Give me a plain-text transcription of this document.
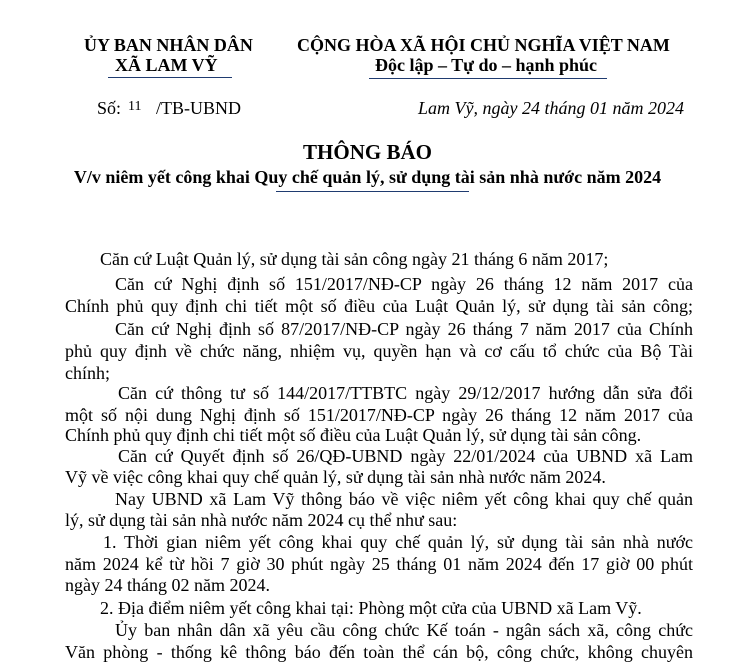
ỦY BAN NHÂN DÂN
XÃ LAM VỸ
CỘNG HÒA XÃ HỘI CHỦ NGHĨA VIỆT NAM
Độc lập – Tự do – hạnh phúc
Số: 11 /TB-UBND	Lam Vỹ, ngày 24 tháng 01 năm 2024
THÔNG BÁO
V/v niêm yết công khai Quy chế quản lý, sử dụng tài sản nhà nước năm 2024
Căn cứ Luật Quản lý, sử dụng tài sản công ngày 21 tháng 6 năm 2017;
Căn cứ Nghị định số 151/2017/NĐ-CP ngày 26 tháng 12 năm 2017 của
Chính phủ quy định chi tiết một số điều của Luật Quản lý, sử dụng tài sản công;
Căn cứ Nghị định số 87/2017/NĐ-CP ngày 26 tháng 7 năm 2017 của Chính
phủ quy định về chức năng, nhiệm vụ, quyền hạn và cơ cấu tổ chức của Bộ Tài
chính;
Căn cứ thông tư số 144/2017/TTBTC ngày 29/12/2017 hướng dẫn sửa đổi
một số nội dung Nghị định số 151/2017/NĐ-CP ngày 26 tháng 12 năm 2017 của
Chính phủ quy định chi tiết một số điều của Luật Quản lý, sử dụng tài sản công.
Căn cứ Quyết định số 26/QĐ-UBND ngày 22/01/2024 của UBND xã Lam
Vỹ về việc công khai quy chế quản lý, sử dụng tài sản nhà nước năm 2024.
Nay UBND xã Lam Vỹ thông báo về việc niêm yết công khai quy chế quản
lý, sử dụng tài sản nhà nước năm 2024 cụ thể như sau:
1. Thời gian niêm yết công khai quy chế quản lý, sử dụng tài sản nhà nước
năm 2024 kể từ hồi 7 giờ 30 phút ngày 25 tháng 01 năm 2024 đến 17 giờ 00 phút
ngày 24 tháng 02 năm 2024.
2. Địa điểm niêm yết công khai tại: Phòng một cửa của UBND xã Lam Vỹ.
Ủy ban nhân dân xã yêu cầu công chức Kế toán - ngân sách xã, công chức
Văn phòng - thống kê thông báo đến toàn thể cán bộ, công chức, không chuyên
